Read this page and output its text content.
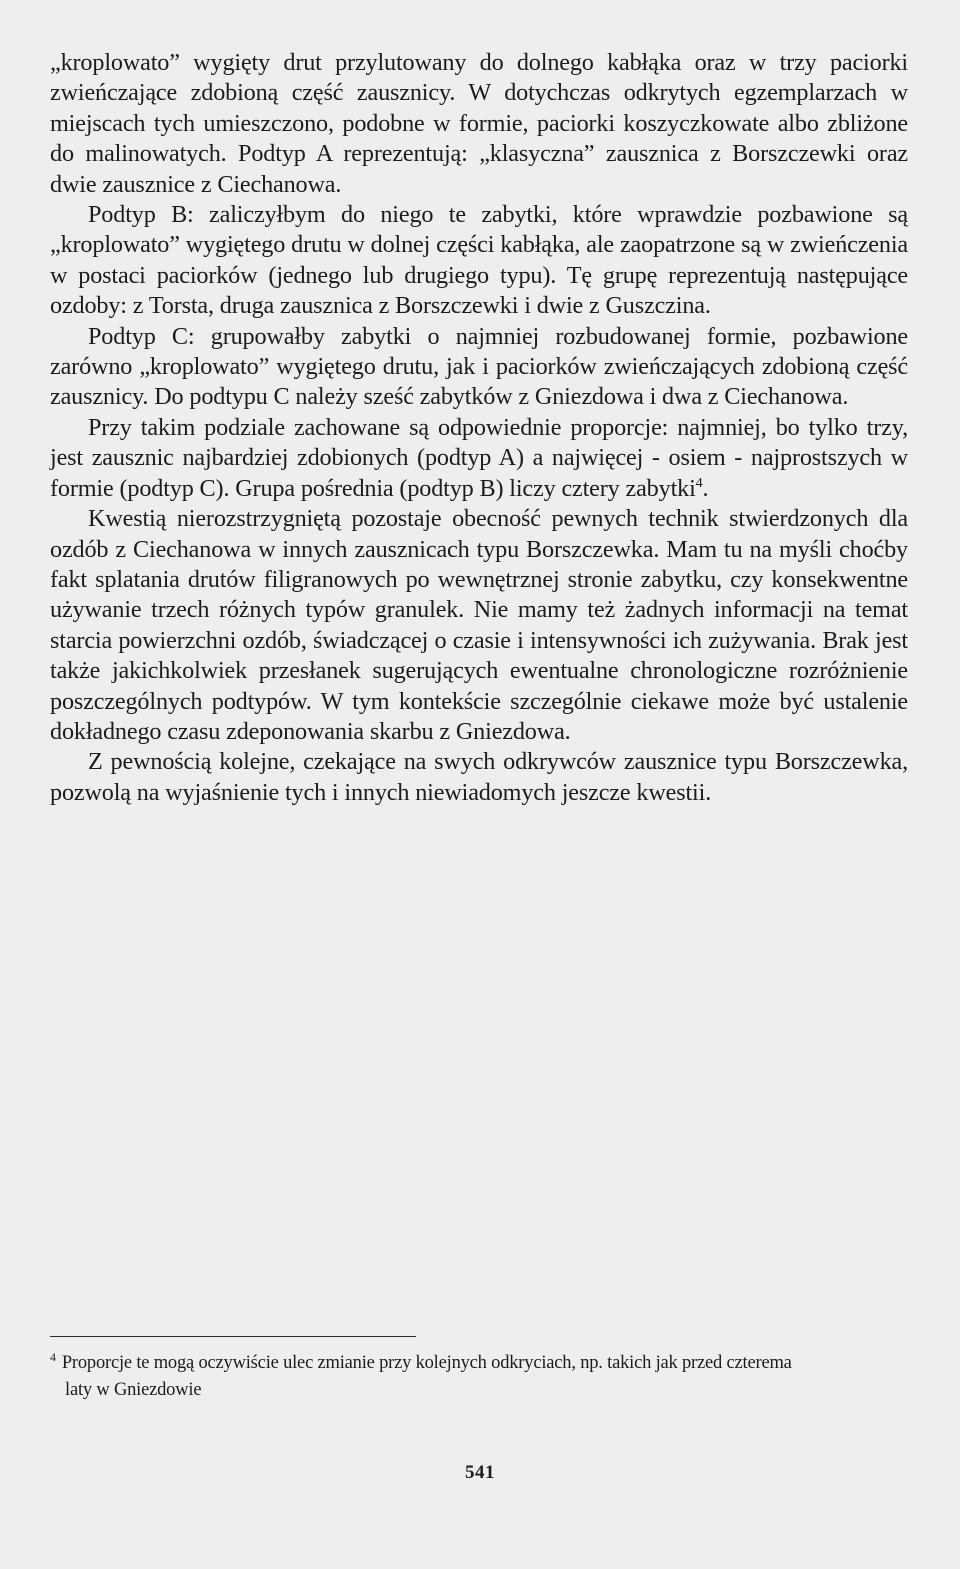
„kroplowato” wygięty drut przylutowany do dolnego kabłąka oraz w trzy paciorki zwieńczające zdobioną część zausznicy. W dotychczas odkrytych egzemplarzach w miejscach tych umieszczono, podobne w formie, paciorki koszyczkowate albo zbliżone do malinowatych. Podtyp A reprezentują: „klasyczna” zausznica z Borszczewki oraz dwie zausznice z Ciechanowa.

Podtyp B: zaliczyłbym do niego te zabytki, które wprawdzie pozbawione są „kroplowato” wygiętego drutu w dolnej części kabłąka, ale zaopatrzone są w zwieńczenia w postaci paciorków (jednego lub drugiego typu). Tę grupę reprezentują następujące ozdoby: z Torsta, druga zausznica z Borszczewki i dwie z Guszczina.

Podtyp C: grupowałby zabytki o najmniej rozbudowanej formie, pozbawione zarówno „kroplowato” wygiętego drutu, jak i paciorków zwieńczających zdobioną część zausznicy. Do podtypu C należy sześć zabytków z Gniezdowa i dwa z Ciechanowa.

Przy takim podziale zachowane są odpowiednie proporcje: najmniej, bo tylko trzy, jest zausznic najbardziej zdobionych (podtyp A) a najwięcej - osiem - najprostszych w formie (podtyp C). Grupa pośrednia (podtyp B) liczy cztery zabytki$^4$.

Kwestią nierozstrzygniętą pozostaje obecność pewnych technik stwierdzonych dla ozdób z Ciechanowa w innych zausznicach typu Borszczewka. Mam tu na myśli choćby fakt splatania drutów filigranowych po wewnętrznej stronie zabytku, czy konsekwentne używanie trzech różnych typów granulek. Nie mamy też żadnych informacji na temat starcia powierzchni ozdób, świadczącej o czasie i intensywności ich zużywania. Brak jest także jakichkolwiek przesłanek sugerujących ewentualne chronologiczne rozróżnienie poszczególnych podtypów. W tym kontekście szczególnie ciekawe może być ustalenie dokładnego czasu zdeponowania skarbu z Gniezdowa.

Z pewnością kolejne, czekające na swych odkrywców zausznice typu Borszczewka, pozwolą na wyjaśnienie tych i innych niewiadomych jeszcze kwestii.

$^4$ Proporcje te mogą oczywiście ulec zmianie przy kolejnych odkryciach, np. takich jak przed czterema
laty w Gniezdowie
541
